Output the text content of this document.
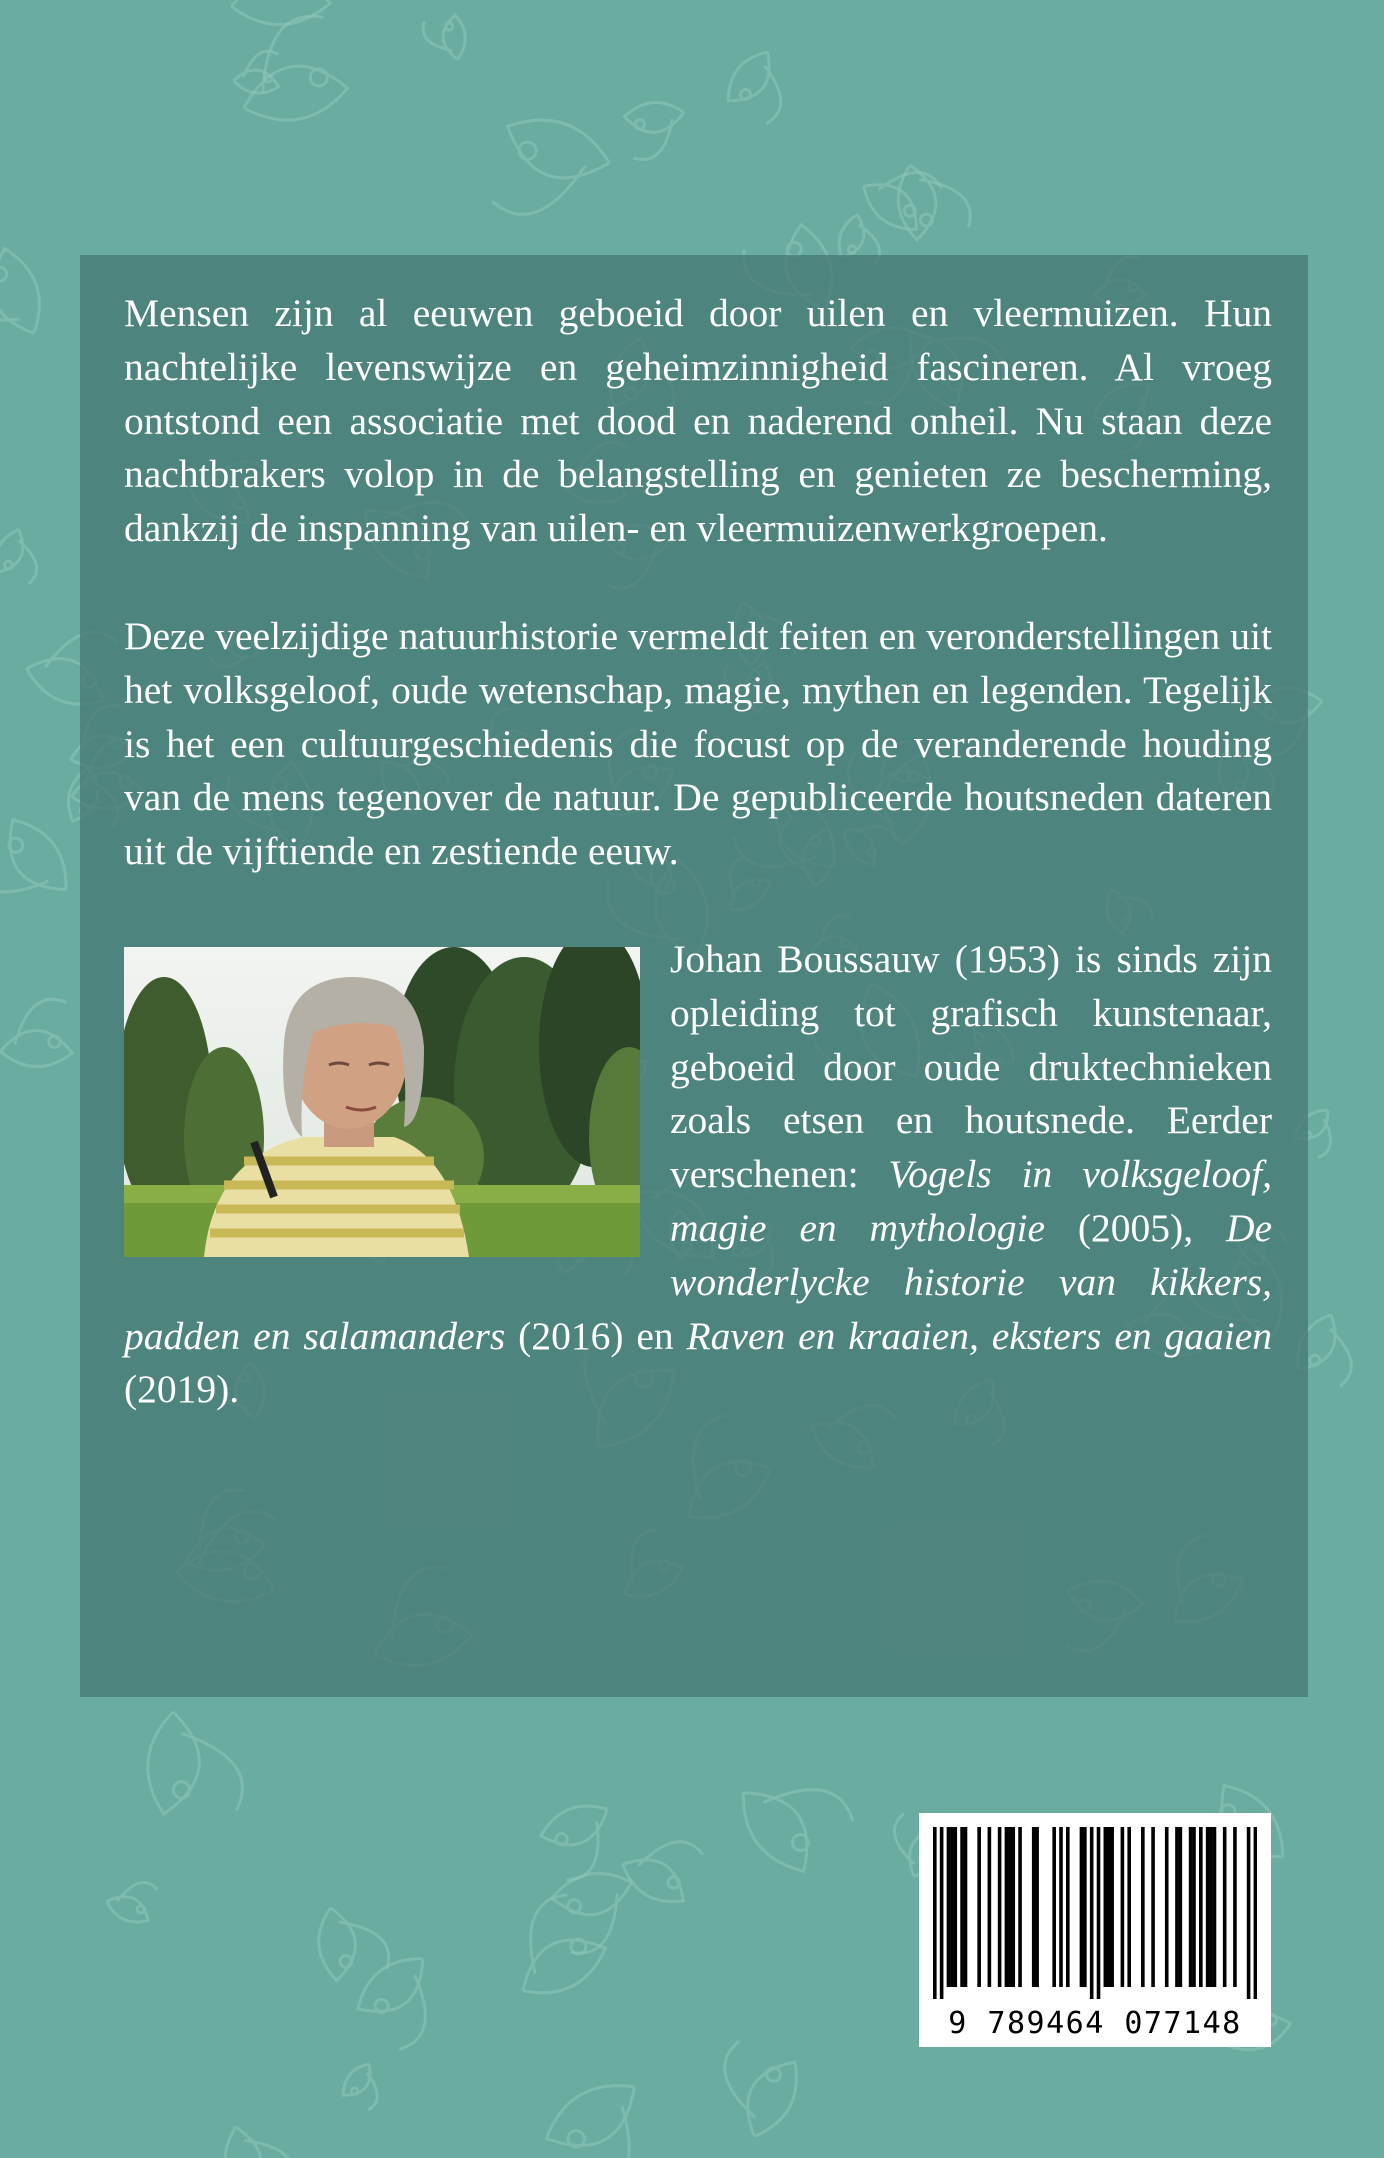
Mensen zijn al eeuwen geboeid door uilen en vleermuizen. Hun nachtelijke levenswijze en geheimzinnigheid fascineren. Al vroeg ontstond een associatie met dood en naderend onheil. Nu staan deze nachtbrakers volop in de belangstelling en genieten ze bescherming, dankzij de inspanning van uilen- en vleermuizenwerkgroepen.

Deze veelzijdige natuurhistorie vermeldt feiten en veronderstellingen uit het volksgeloof, oude wetenschap, magie, mythen en legenden. Tegelijk is het een cultuurgeschiedenis die focust op de veranderende houding van de mens tegenover de natuur. De gepubliceerde houtsneden dateren uit de vijftiende en zestiende eeuw.

Johan Boussauw (1953) is sinds zijn opleiding tot grafisch kunstenaar, geboeid door oude druktechnieken zoals etsen en houtsnede. Eerder verschenen: Vogels in volksgeloof, magie en mythologie (2005), De wonderlycke historie van kikkers, padden en salamanders (2016) en Raven en kraaien, eksters en gaaien (2019).

9 789464 077148
